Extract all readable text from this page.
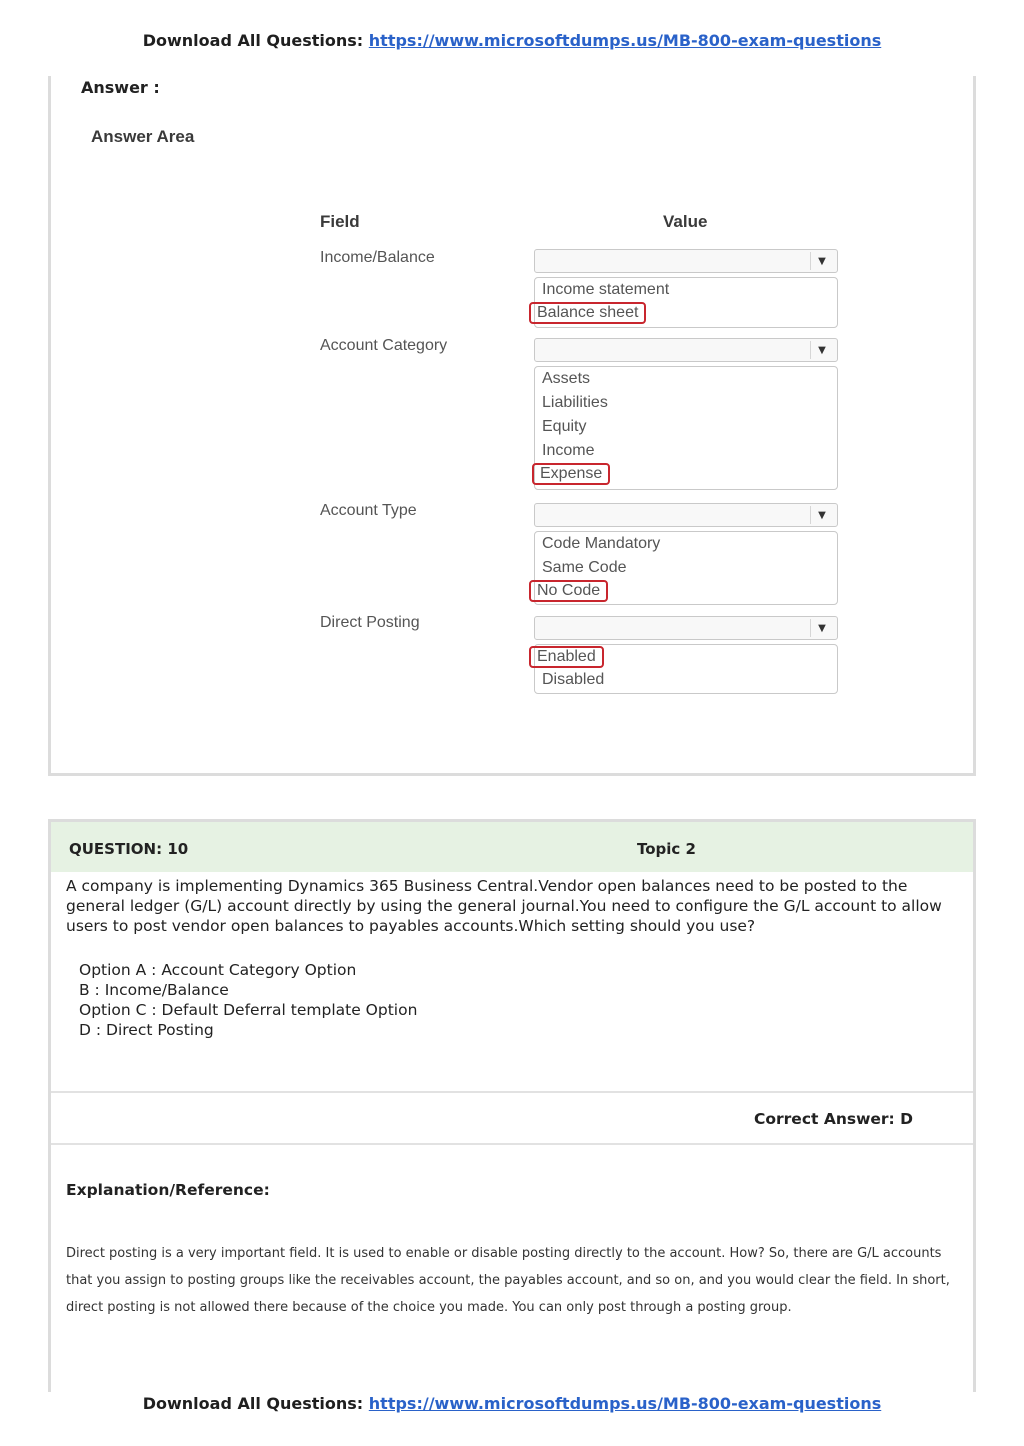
Download All Questions: https://www.microsoftdumps.us/MB-800-exam-questions
Answer :
Answer Area
Field	Value
Income/Balance	▼
Income statement
Balance sheet
Account Category	▼
Assets
Liabilities
Equity
Income
Expense
Account Type	▼
Code Mandatory
Same Code
No Code
Direct Posting	▼
Enabled
Disabled
QUESTION: 10	Topic 2
A company is implementing Dynamics 365 Business Central.Vendor open balances need to be posted to the general ledger (G/L) account directly by using the general journal.You need to configure the G/L account to allow users to post vendor open balances to payables accounts.Which setting should you use?
Option A : Account Category Option
B : Income/Balance
Option C : Default Deferral template Option
D : Direct Posting
Correct Answer: D
Explanation/Reference:
Direct posting is a very important field. It is used to enable or disable posting directly to the account. How? So, there are G/L accounts that you assign to posting groups like the receivables account, the payables account, and so on, and you would clear the field. In short, direct posting is not allowed there because of the choice you made. You can only post through a posting group.
Download All Questions: https://www.microsoftdumps.us/MB-800-exam-questions
